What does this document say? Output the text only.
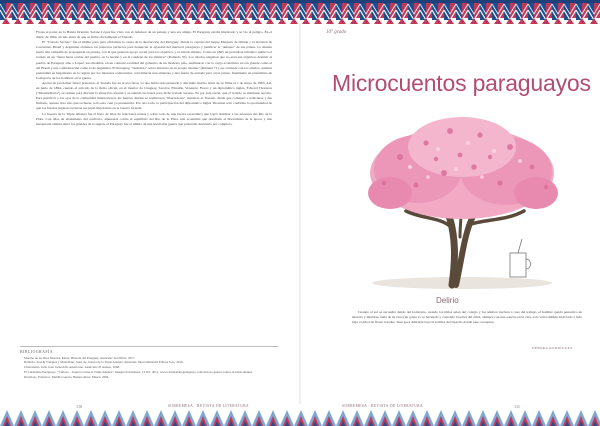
Flores al poder en la Banda Oriental, Solano López fue visto con el defensor de un paisaje y una era amiga. El Paraguay estaba implicado y se vio el peligro. En el diario de 1864, un año antes de que se firme oficialmente el Tratado.

El "Tratado Secreto" fue el último paso para oficializar la causa de la destrucción del Paraguay. Desde la captura del buque Marqués de Olinda y la invasión de Corrientes, Brasil y Argentina obtienen los pretextos perfectos para denunciar la agresión del mariscal paraguayo y justificar la "defensa" de sus países. La alianza inicia una campaña de propaganda en prensa, con la que generan apoyo social para los objetivos y el tratado mismo. Como en 1865 un periodista británico publicó el tratado en un "fuera hasta acabar del pueblo, en la nación y en la condena de los mismos" (Robledo 35). Los aliados alegaban que no eran sus objetivos destruir al pueblo de Paraguay sino a López; sus medidas, en un contexto realidad del gobierno de un modesto país, terminaron con la carga económica en tan grande como el del Brasil y una confederación como la de Argentina. El Paraguay, "destruido" sobre absoluto de su propio destino" (Rutland 71), en contraste con los aliados, quienes pretendían su hegemonía en la región por los intereses comerciales, convirtieron una amenaza y una fuerte de entrada para otros países, finalmente en exterminio de la mayoría de los hombres en la guerra.

Aparte de proclamar falsos pretextos, el Tratado fue en sí una farsa, ya que había sido planeado y discutido mucho antes de su firma el 1 de mayo de 1865. Así, en junio de 1864, cuando el artículo de la firma oficial, en el interior de Uruguay, Saraiva, Elizalde, Venancio Flores y un diplomático inglés, Edward Thornton ("intermediario") se reúnen para discutir la situación oriental y se sientan las bases para dicho tratado secreto. Es por esta razón, que el tratado se mantiene secreto. Para justificar a los ojos de la comunidad internacional, las fuerzas aliadas se nombraron "libertadores", mientras el Tratado, desde que comenzó a redactarse y fue firmado, apenas tuvo uno que rechazar, todo esto cual ya preanuncia. Por otro lado, la participación del diplomático inglés Thornton solo confirma la oportunidad de que los fuerzas inglesas tuvieron un papel importante en la Guerra Grande.

La Guerra de la Triple Alianza fue el fruto de años de relaciones tensas y sobre todo de una fuerza económica que logró dominar a las naciones del Río de la Plata. Con años de aislamiento del territorio, amenazas contra el equilibrio del Río de la Plata, una economía que desafiaba al liberalismo de la época y una inesperada alianza entre los grandes de la región, el Paraguay fue el último de una inevitable guerra que pretendió destruirlo por completo.

BIBLIOGRAFÍA

Moreno de los Ríos Moreira, Marta. Historia del Paraguay. Asunción: Servilibro, 2017.

Robledo, José & Vázquez y Montalbán, Jesús de. Guerra de la Triple Alianza. Asunción: Intercontinental Editora S.A., 2016.

Chiavenatto, Julio José. Genocidio Americano. Asunción: El Ateneo, 2008.

El Ciudadano Paraguayo. "Curioso – Guerra Contra la Triple Alianza". Imagen SoloSensus, 13 Oct. 2011, www.elciudadanoparaguayo.com/curioso-guerra-contra-la-triple-alianza.

Doratioto, Francisco. Maldita Guerra. Buenos Aires: Emecé, 2004.

110	SOBREMESA · REVISTA DE LITERATURA
10° grado
Microcuentos paraguayos
Delirio

Cuando el sol se escondió detrás del horizonte, cuando los niños salen del colegio y los adultos vuelven a casa del trabajo, el hombre quedó pensativo en silencio y mientras toma de su vaso (un golpe lo ve haciendo y contando broches del árbol, siempre con una sonrisa en la cara, solo veía también ando lado a lado bajo el árbol de flores rosadas. Juan goza delirante bajo la sombra del lapacho donde paso su espera.

DÉBORA RODRÍGUEZ
SOBREMESA · REVISTA DE LITERATURA	111
